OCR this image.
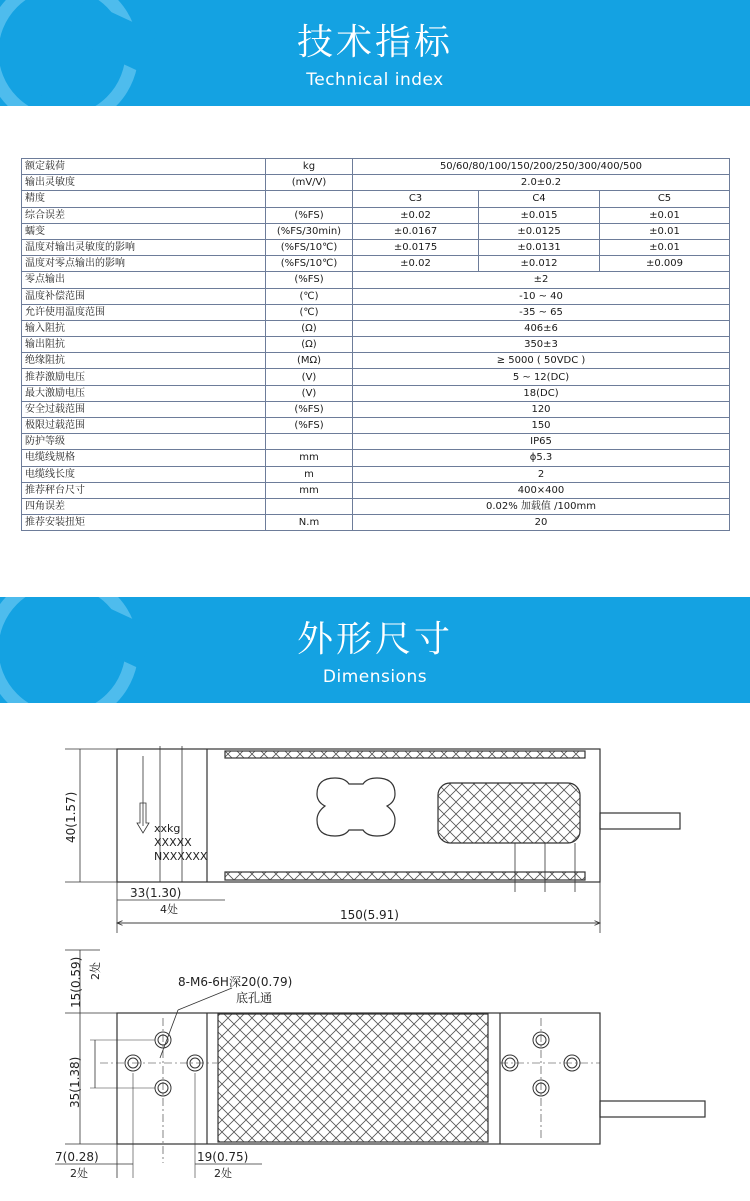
技术指标
Technical index
额定载荷	kg	50/60/80/100/150/200/250/300/400/500		
输出灵敏度	(mV/V)	2.0±0.2		
精度		C3	C4	C5
综合误差	(%FS)	±0.02	±0.015	±0.01
蠕变	(%FS/30min)	±0.0167	±0.0125	±0.01
温度对输出灵敏度的影响	(%FS/10℃)	±0.0175	±0.0131	±0.01
温度对零点输出的影响	(%FS/10℃)	±0.02	±0.012	±0.009
零点输出	(%FS)	±2		
温度补偿范围	(℃)	-10 ~ 40		
允许使用温度范围	(℃)	-35 ~ 65		
输入阻抗	(Ω)	406±6		
输出阻抗	(Ω)	350±3		
绝缘阻抗	(MΩ)	≥ 5000 ( 50VDC )		
推荐激励电压	(V)	5 ~ 12(DC)		
最大激励电压	(V)	18(DC)		
安全过载范围	(%FS)	120		
极限过载范围	(%FS)	150		
防护等级		IP65		
电缆线规格	mm	ϕ5.3		
电缆线长度	m	2		
推荐秤台尺寸	mm	400×400		
四角误差		0.02% 加载值 /100mm		
推荐安装扭矩	N.m	20		
外形尺寸
Dimensions
xxkg
XXXXX
NXXXXXX
40(1.57)
33(1.30)
4处	150(5.91)
15(0.59) 2处
8-M6-6H深20(0.79)
底孔通
35(1.38)
7(0.28)
2处
19(0.75)
2处
